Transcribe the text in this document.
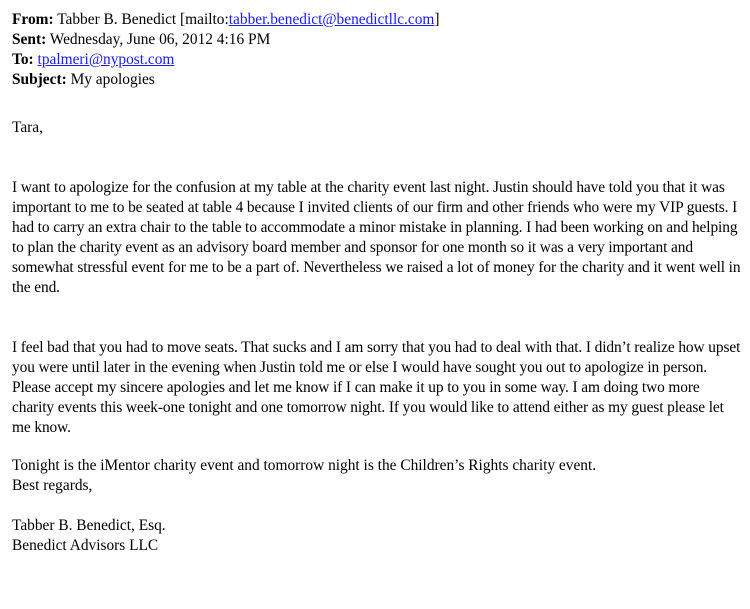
From: Tabber B. Benedict [mailto:tabber.benedict@benedictllc.com]
Sent: Wednesday, June 06, 2012 4:16 PM
To: tpalmeri@nypost.com
Subject: My apologies

Tara,

I want to apologize for the confusion at my table at the charity event last night. Justin should have told you that it was important to me to be seated at table 4 because I invited clients of our firm and other friends who were my VIP guests. I had to carry an extra chair to the table to accommodate a minor mistake in planning. I had been working on and helping to plan the charity event as an advisory board member and sponsor for one month so it was a very important and somewhat stressful event for me to be a part of. Nevertheless we raised a lot of money for the charity and it went well in the end.

I feel bad that you had to move seats. That sucks and I am sorry that you had to deal with that. I didn’t realize how upset you were until later in the evening when Justin told me or else I would have sought you out to apologize in person. Please accept my sincere apologies and let me know if I can make it up to you in some way. I am doing two more charity events this week-one tonight and one tomorrow night. If you would like to attend either as my guest please let me know.

Tonight is the iMentor charity event and tomorrow night is the Children’s Rights charity event.

Best regards,

Tabber B. Benedict, Esq.

Benedict Advisors LLC
